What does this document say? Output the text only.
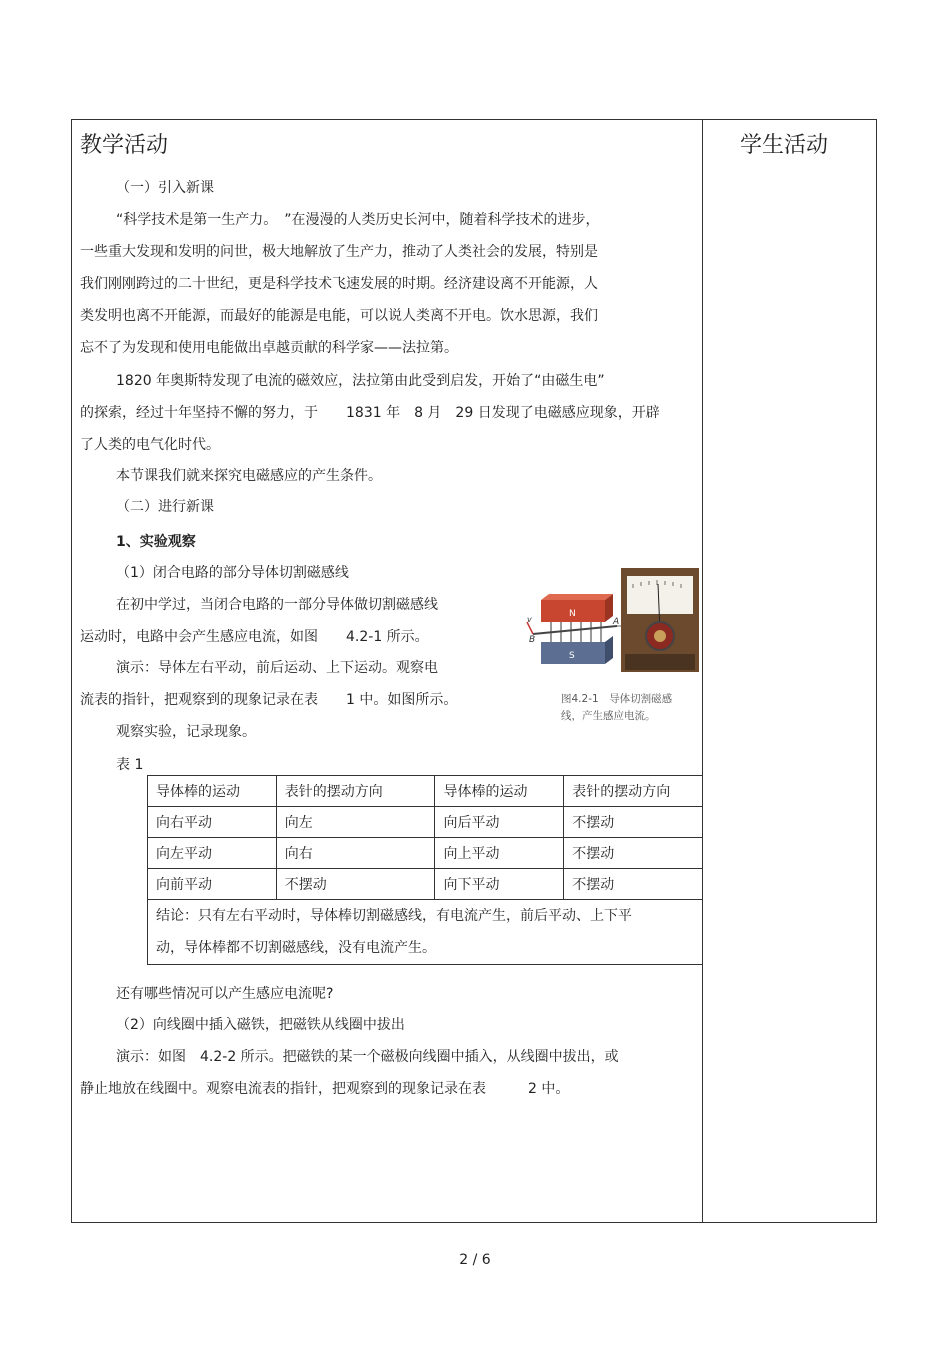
教学活动	学生活动
（一）引入新课
“科学技术是第一生产力。　”在漫漫的人类历史长河中，随着科学技术的进步，
一些重大发现和发明的问世，极大地解放了生产力，推动了人类社会的发展，特别是
我们刚刚跨过的二十世纪，更是科学技术飞速发展的时期。经济建设离不开能源，人
类发明也离不开能源，而最好的能源是电能，可以说人类离不开电。饮水思源，我们
忘不了为发现和使用电能做出卓越贡献的科学家——法拉第。
1820 年奥斯特发现了电流的磁效应，法拉第由此受到启发，开始了“由磁生电”
的探索，经过十年坚持不懈的努力，于　　1831 年　8 月　29 日发现了电磁感应现象，开辟
了人类的电气化时代。
本节课我们就来探究电磁感应的产生条件。
（二）进行新课
1、实验观察
（1）闭合电路的部分导体切割磁感线
在初中学过，当闭合电路的一部分导体做切割磁感线
运动时，电路中会产生感应电流，如图　　4.2-1 所示。
演示：导体左右平动，前后运动、上下运动。观察电
流表的指针，把观察到的现象记录在表　　1 中。如图所示。
观察实验，记录现象。
表 1
N
S
v
B
A
图4.2-1　导体切割磁感
线，产生感应电流。
导体棒的运动	表针的摆动方向	导体棒的运动	表针的摆动方向
向右平动	向左	向后平动	不摆动
向左平动	向右	向上平动	不摆动
向前平动	不摆动	向下平动	不摆动

结论：只有左右平动时，导体棒切割磁感线，有电流产生，前后平动、上下平
动，导体棒都不切割磁感线，没有电流产生。			
还有哪些情况可以产生感应电流呢?
（2）向线圈中插入磁铁，把磁铁从线圈中拔出
演示：如图　4.2-2 所示。把磁铁的某一个磁极向线圈中插入，从线圈中拔出，或
静止地放在线圈中。观察电流表的指针，把观察到的现象记录在表　　　2 中。
2 / 6
